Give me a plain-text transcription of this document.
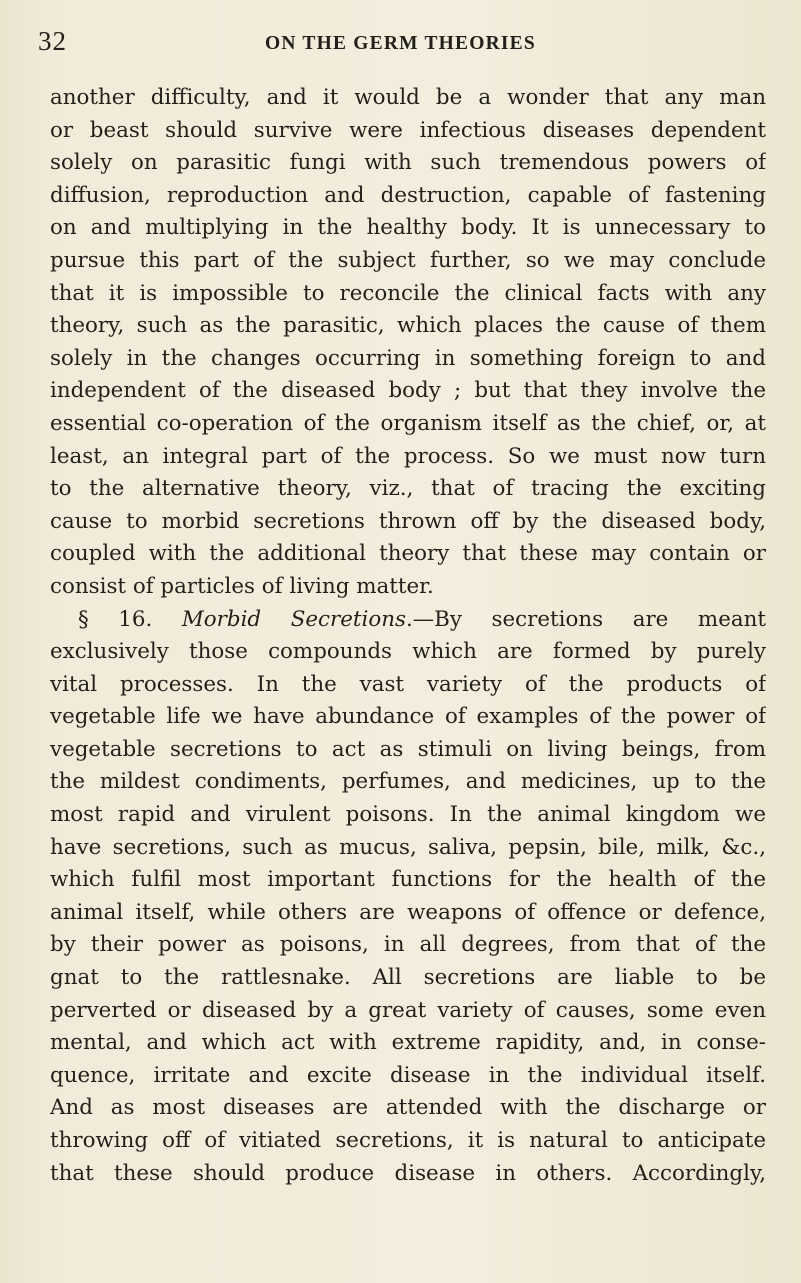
32	ON THE GERM THEORIES
another difficulty, and it would be a wonder that any man
or beast should survive were infectious diseases dependent
solely on parasitic fungi with such tremendous powers of
diffusion, reproduction and destruction, capable of fastening
on and multiplying in the healthy body. It is unnecessary to
pursue this part of the subject further, so we may conclude
that it is impossible to reconcile the clinical facts with any
theory, such as the parasitic, which places the cause of them
solely in the changes occurring in something foreign to and
independent of the diseased body ; but that they involve the
essential co-operation of the organism itself as the chief, or, at
least, an integral part of the process. So we must now turn
to the alternative theory, viz., that of tracing the exciting
cause to morbid secretions thrown off by the diseased body,
coupled with the additional theory that these may contain or
consist of particles of living matter.
§ 16. Morbid Secretions.—By secretions are meant
exclusively those compounds which are formed by purely
vital processes. In the vast variety of the products of
vegetable life we have abundance of examples of the power of
vegetable secretions to act as stimuli on living beings, from
the mildest condiments, perfumes, and medicines, up to the
most rapid and virulent poisons. In the animal kingdom we
have secretions, such as mucus, saliva, pepsin, bile, milk, &c.,
which fulfil most important functions for the health of the
animal itself, while others are weapons of offence or defence,
by their power as poisons, in all degrees, from that of the
gnat to the rattlesnake. All secretions are liable to be
perverted or diseased by a great variety of causes, some even
mental, and which act with extreme rapidity, and, in conse-
quence, irritate and excite disease in the individual itself.
And as most diseases are attended with the discharge or
throwing off of vitiated secretions, it is natural to anticipate
that these should produce disease in others. Accordingly,
